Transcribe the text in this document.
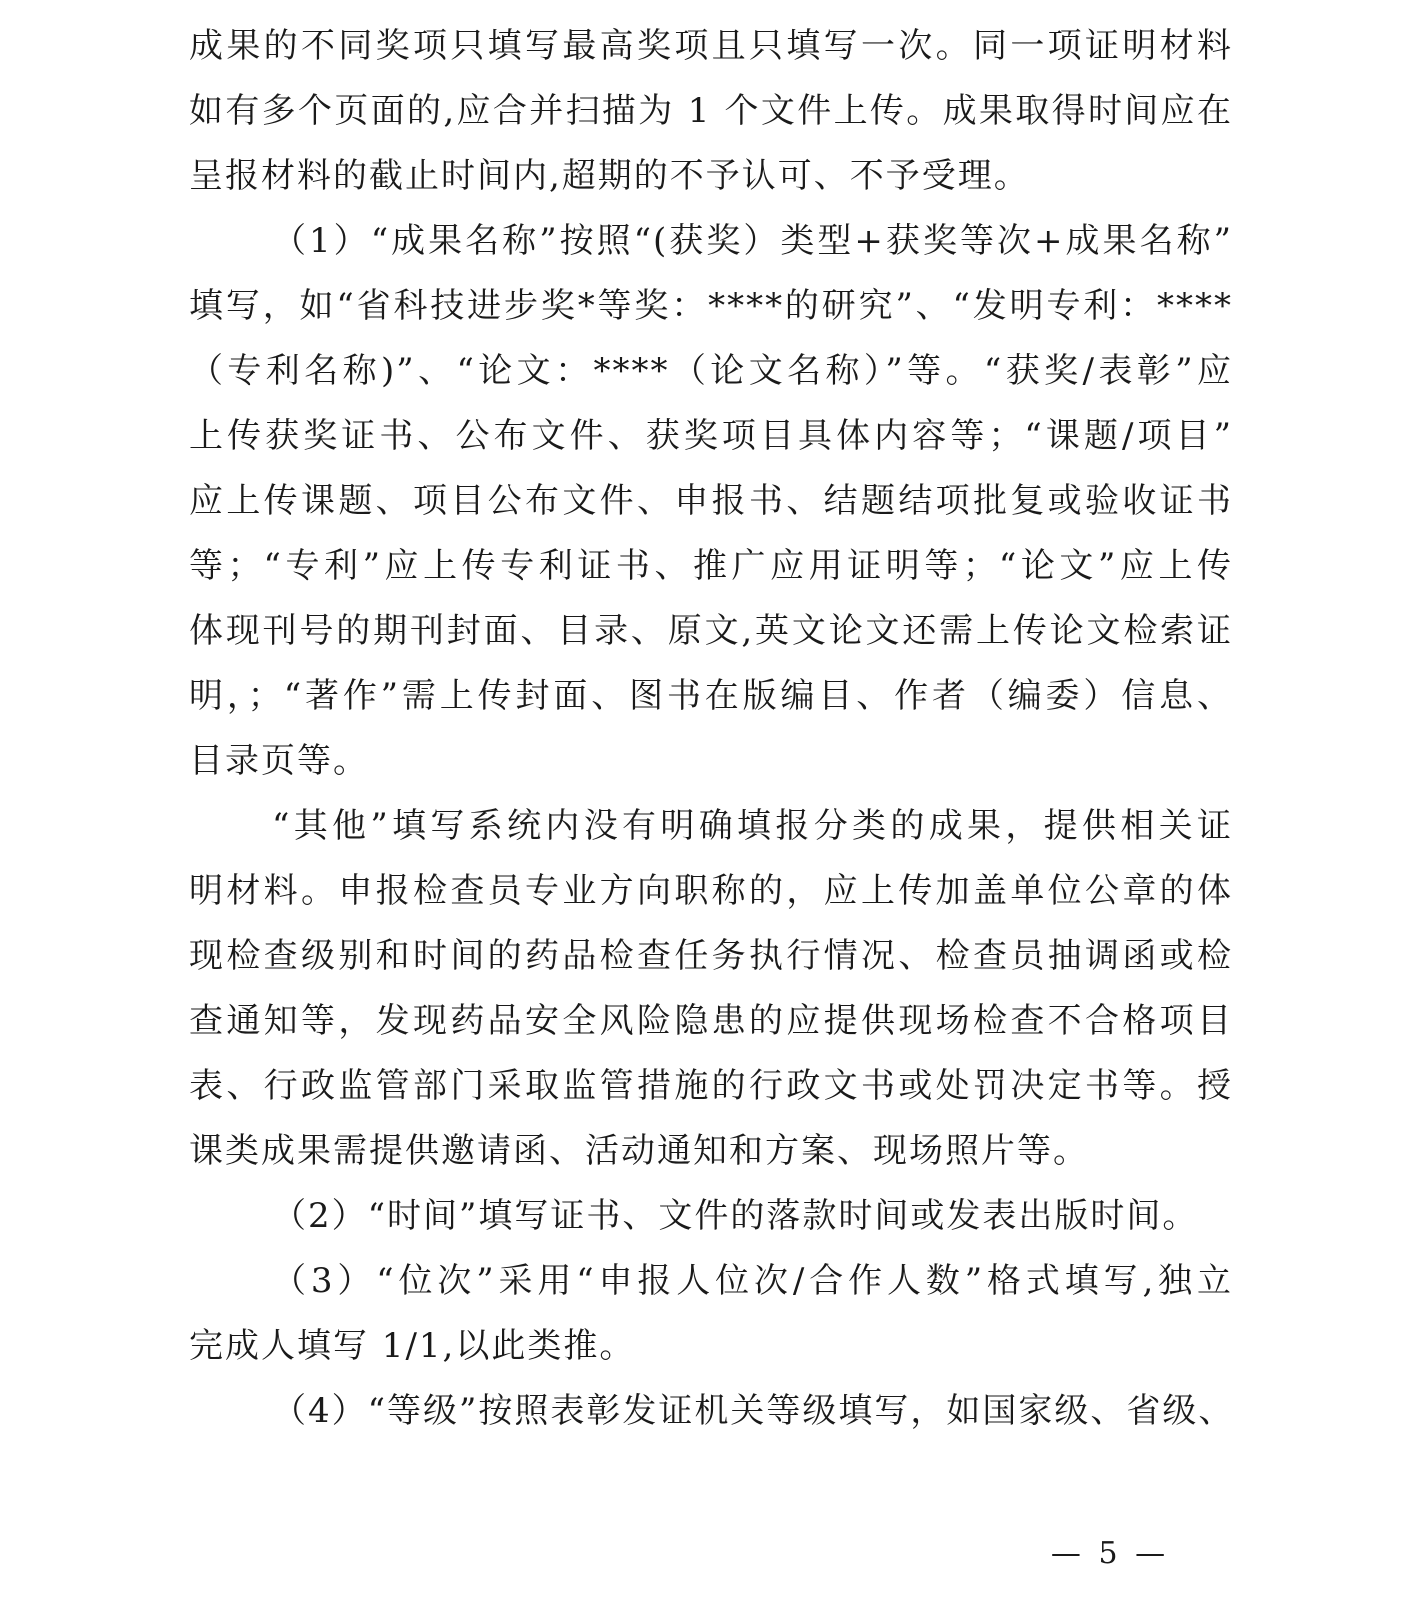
成果的不同奖项只填写最高奖项且只填写一次。同一项证明材料
如有多个页面的,应合并扫描为 1 个文件上传。成果取得时间应在
呈报材料的截止时间内,超期的不予认可、不予受理。
（1）“成果名称”按照“(获奖）类型+获奖等次+成果名称”
填写，如“省科技进步奖*等奖：****的研究”、“发明专利：****
（专利名称)”、“论文：****（论文名称）”等。“获奖/表彰”应
上传获奖证书、公布文件、获奖项目具体内容等；“课题/项目”
应上传课题、项目公布文件、申报书、结题结项批复或验收证书
等；“专利”应上传专利证书、推广应用证明等；“论文”应上传
体现刊号的期刊封面、目录、原文,英文论文还需上传论文检索证
明，；“著作”需上传封面、图书在版编目、作者（编委）信息、
目录页等。
“其他”填写系统内没有明确填报分类的成果，提供相关证
明材料。申报检查员专业方向职称的，应上传加盖单位公章的体
现检查级别和时间的药品检查任务执行情况、检查员抽调函或检
查通知等，发现药品安全风险隐患的应提供现场检查不合格项目
表、行政监管部门采取监管措施的行政文书或处罚决定书等。授
课类成果需提供邀请函、活动通知和方案、现场照片等。
（2）“时间”填写证书、文件的落款时间或发表出版时间。
（3）“位次”采用“申报人位次/合作人数”格式填写,独立
完成人填写 1/1,以此类推。
（4）“等级”按照表彰发证机关等级填写，如国家级、省级、
— 5 —
